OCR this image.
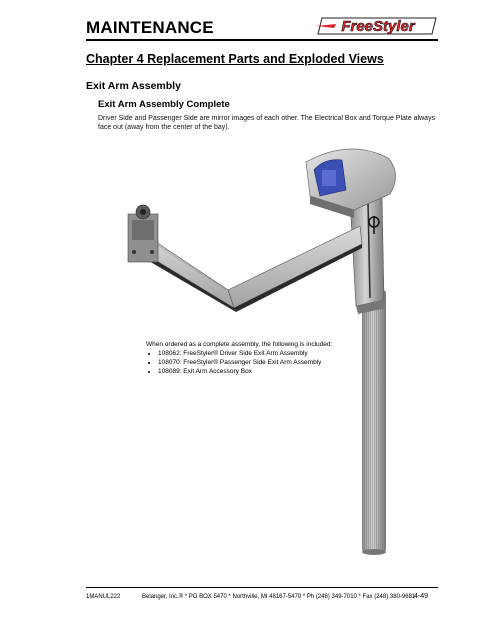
MAINTENANCE	FreeStyler
Chapter 4 Replacement Parts and Exploded Views
Exit Arm Assembly
Exit Arm Assembly Complete
Driver Side and Passenger Side are mirror images of each other. The Electrical Box and Torque Plate always face out (away from the center of the bay).
When ordered as a complete assembly, the following is included:
• 108062: FreeStyler® Driver Side Exit Arm Assembly
• 108070: FreeStyler® Passenger Side Exit Arm Assembly
• 108089: Exit Arm Accessory Box
1MANUL222	Belanger, Inc.® * PO BOX 5470 * Northville, MI 48167-5470 * Ph (248) 349-7010 * Fax (248) 380-9681
4-49
